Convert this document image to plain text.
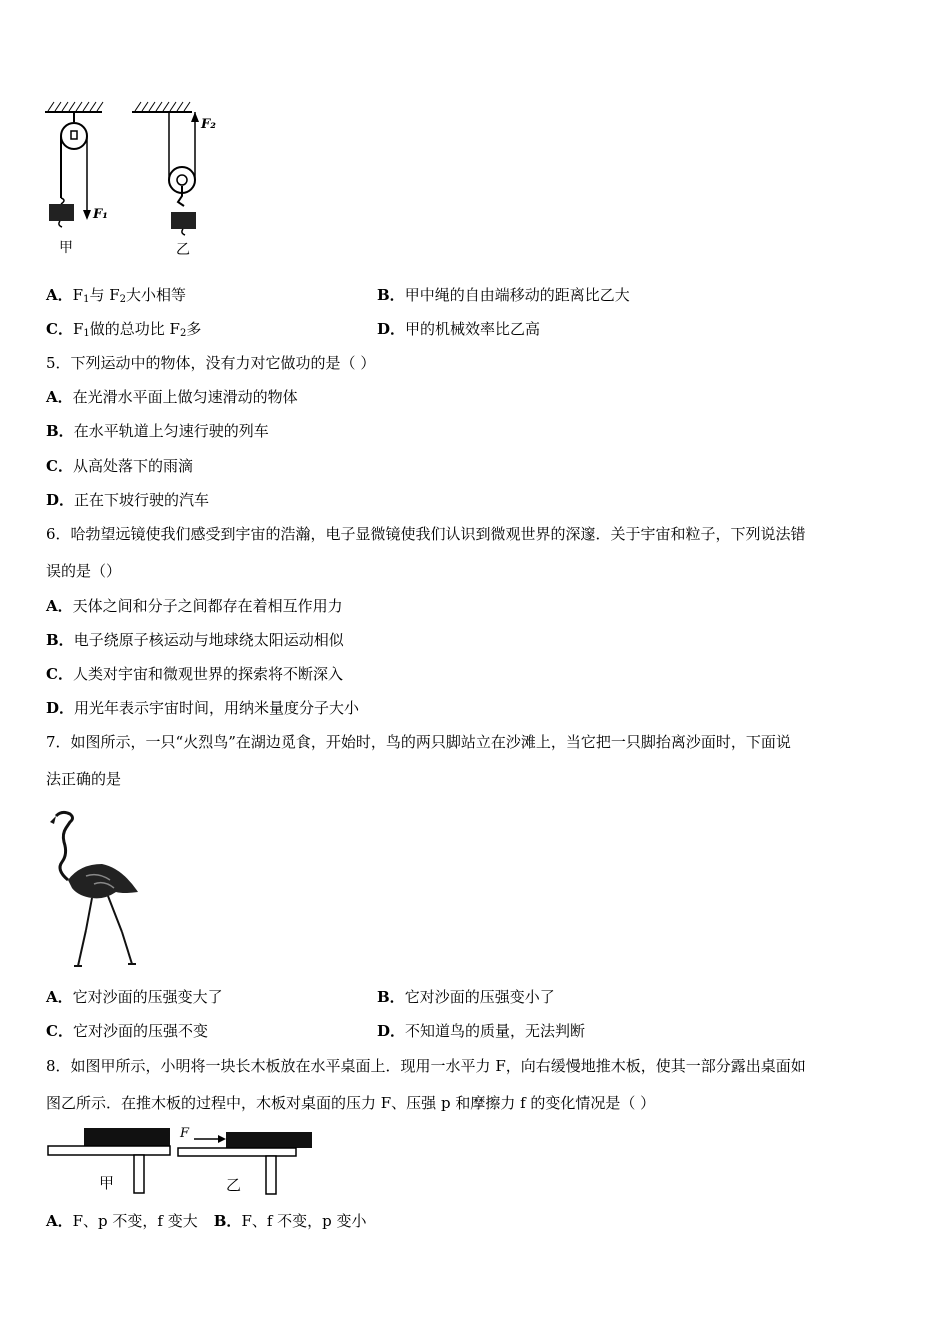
F₁
甲
F₂
乙
A．$F_1$与 $F_2$大小相等	B．甲中绳的自由端移动的距离比乙大
C．$F_1$做的总功比 $F_2$多	D．甲的机械效率比乙高
5．下列运动中的物体，没有力对它做功的是（ ）
A．在光滑水平面上做匀速滑动的物体
B．在水平轨道上匀速行驶的列车
C．从高处落下的雨滴
D．正在下坡行驶的汽车
6．哈勃望远镜使我们感受到宇宙的浩瀚，电子显微镜使我们认识到微观世界的深邃．关于宇宙和粒子，下列说法错
误的是（）
A．天体之间和分子之间都存在着相互作用力
B．电子绕原子核运动与地球绕太阳运动相似
C．人类对宇宙和微观世界的探索将不断深入
D．用光年表示宇宙时间，用纳米量度分子大小
7．如图所示，一只“火烈鸟”在湖边觅食，开始时，鸟的两只脚站立在沙滩上，当它把一只脚抬离沙面时，下面说
法正确的是
A．它对沙面的压强变大了	B．它对沙面的压强变小了
C．它对沙面的压强不变	D．不知道鸟的质量，无法判断
8．如图甲所示，小明将一块长木板放在水平桌面上．现用一水平力 F，向右缓慢地推木板，使其一部分露出桌面如
图乙所示．在推木板的过程中，木板对桌面的压力 F、压强 p 和摩擦力 f 的变化情况是（ ）
甲
F
乙
A．F、p 不变，f 变大 B．F、f 不变，p 变小
